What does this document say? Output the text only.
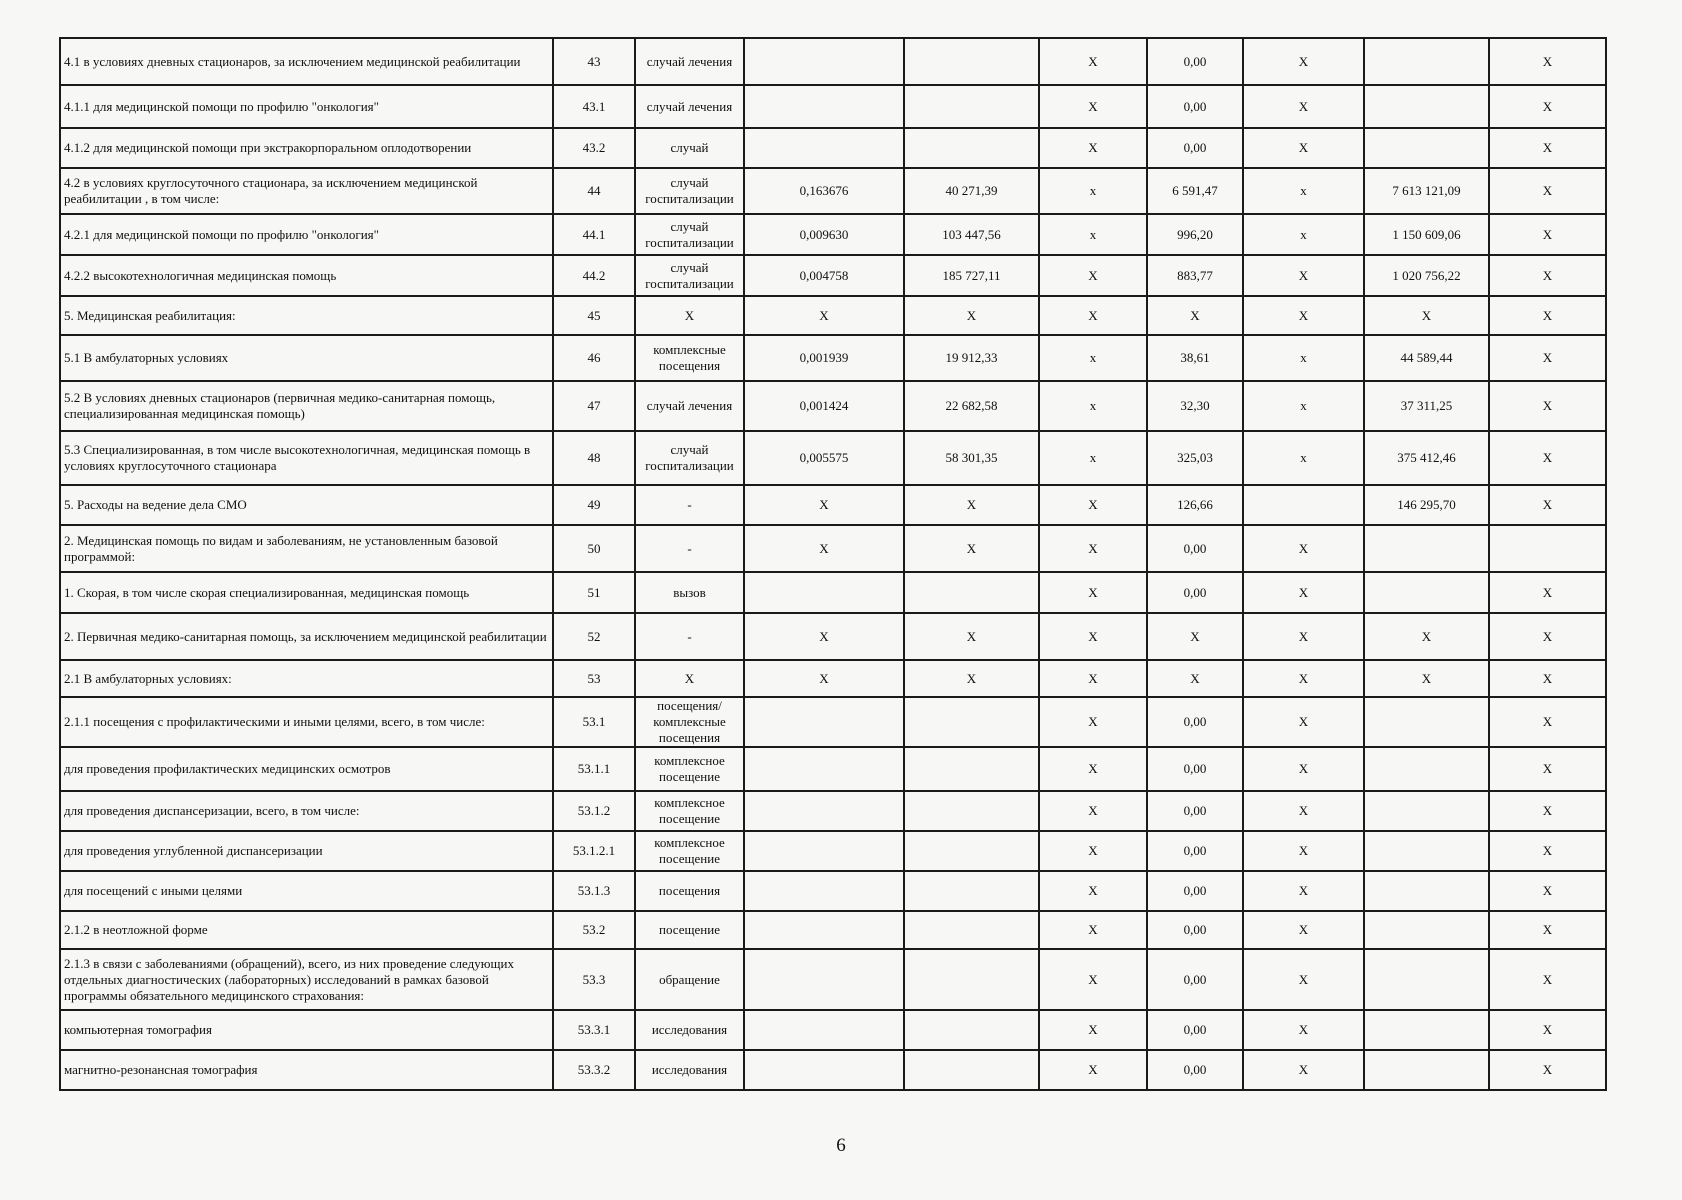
4.1 в условиях дневных стационаров, за исключением медицинской реабилитации	43	случай лечения			X	0,00	X		X
4.1.1 для медицинской помощи по профилю "онкология"	43.1	случай лечения			X	0,00	X		X
4.1.2 для медицинской помощи при экстракорпоральном оплодотворении	43.2	случай			X	0,00	X		X
4.2 в условиях круглосуточного стационара, за исключением медицинской реабилитации , в том числе:	44	случай госпитализации	0,163676	40 271,39	x	6 591,47	x	7 613 121,09	X
4.2.1 для медицинской помощи по профилю "онкология"	44.1	случай госпитализации	0,009630	103 447,56	x	996,20	x	1 150 609,06	X
4.2.2 высокотехнологичная медицинская помощь	44.2	случай госпитализации	0,004758	185 727,11	X	883,77	X	1 020 756,22	X
5. Медицинская реабилитация:	45	X	X	X	X	X	X	X	X
5.1 В амбулаторных условиях	46	комплексные посещения	0,001939	19 912,33	x	38,61	x	44 589,44	X
5.2 В условиях дневных стационаров (первичная медико-санитарная помощь, специализированная медицинская помощь)	47	случай лечения	0,001424	22 682,58	x	32,30	x	37 311,25	X
5.3 Специализированная, в том числе высокотехнологичная, медицинская помощь в условиях круглосуточного стационара	48	случай госпитализации	0,005575	58 301,35	x	325,03	x	375 412,46	X
5. Расходы на ведение дела СМО	49	-	X	X	X	126,66		146 295,70	X
2. Медицинская помощь по видам и заболеваниям, не установленным базовой программой:	50	-	X	X	X	0,00	X		
1. Скорая, в том числе скорая специализированная, медицинская помощь	51	вызов			X	0,00	X		X
2. Первичная медико-санитарная помощь, за исключением медицинской реабилитации	52	-	X	X	X	X	X	X	X
2.1 В амбулаторных условиях:	53	X	X	X	X	X	X	X	X
2.1.1 посещения с профилактическими и иными целями, всего, в том числе:	53.1	посещения/комплексные посещения			X	0,00	X		X
для проведения профилактических медицинских осмотров	53.1.1	комплексное посещение			X	0,00	X		X
для проведения диспансеризации, всего, в том числе:	53.1.2	комплексное посещение			X	0,00	X		X
для проведения углубленной диспансеризации	53.1.2.1	комплексное посещение			X	0,00	X		X
для посещений с иными целями	53.1.3	посещения			X	0,00	X		X
2.1.2 в неотложной форме	53.2	посещение			X	0,00	X		X
2.1.3 в связи с заболеваниями (обращений), всего, из них проведение следующих отдельных диагностических (лабораторных) исследований в рамках базовой программы обязательного медицинского страхования:	53.3	обращение			X	0,00	X		X
компьютерная томография	53.3.1	исследования			X	0,00	X		X
магнитно-резонансная томография	53.3.2	исследования			X	0,00	X		X
6
